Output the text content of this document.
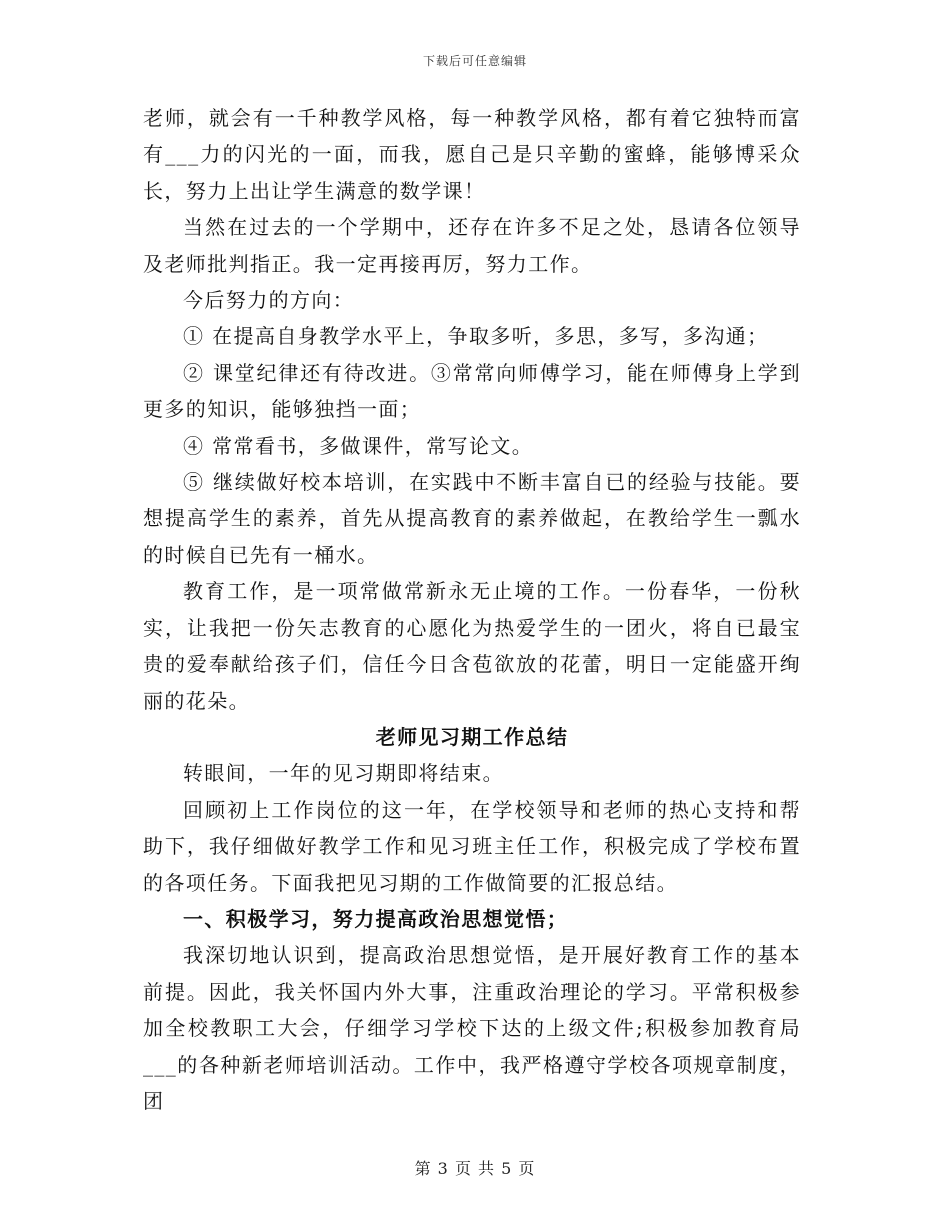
下载后可任意编辑

老师，就会有一千种教学风格，每一种教学风格，都有着它独特而富有___力的闪光的一面，而我，愿自己是只辛勤的蜜蜂，能够博采众长，努力上出让学生满意的数学课！

当然在过去的一个学期中，还存在许多不足之处，恳请各位领导及老师批判指正。我一定再接再厉，努力工作。

今后努力的方向：

① 在提高自身教学水平上，争取多听，多思，多写，多沟通；

② 课堂纪律还有待改进。③常常向师傅学习，能在师傅身上学到更多的知识，能够独挡一面；

④ 常常看书，多做课件，常写论文。

⑤ 继续做好校本培训，在实践中不断丰富自已的经验与技能。要想提高学生的素养，首先从提高教育的素养做起，在教给学生一瓢水的时候自已先有一桶水。

教育工作，是一项常做常新永无止境的工作。一份春华，一份秋实，让我把一份矢志教育的心愿化为热爱学生的一团火，将自已最宝贵的爱奉献给孩子们，信任今日含苞欲放的花蕾，明日一定能盛开绚丽的花朵。

老师见习期工作总结

转眼间，一年的见习期即将结束。

回顾初上工作岗位的这一年，在学校领导和老师的热心支持和帮助下，我仔细做好教学工作和见习班主任工作，积极完成了学校布置的各项任务。下面我把见习期的工作做简要的汇报总结。

一、积极学习，努力提高政治思想觉悟；

我深切地认识到，提高政治思想觉悟，是开展好教育工作的基本前提。因此，我关怀国内外大事，注重政治理论的学习。平常积极参加全校教职工大会，仔细学习学校下达的上级文件;积极参加教育局___的各种新老师培训活动。工作中，我严格遵守学校各项规章制度，团

第 3 页 共 5 页
